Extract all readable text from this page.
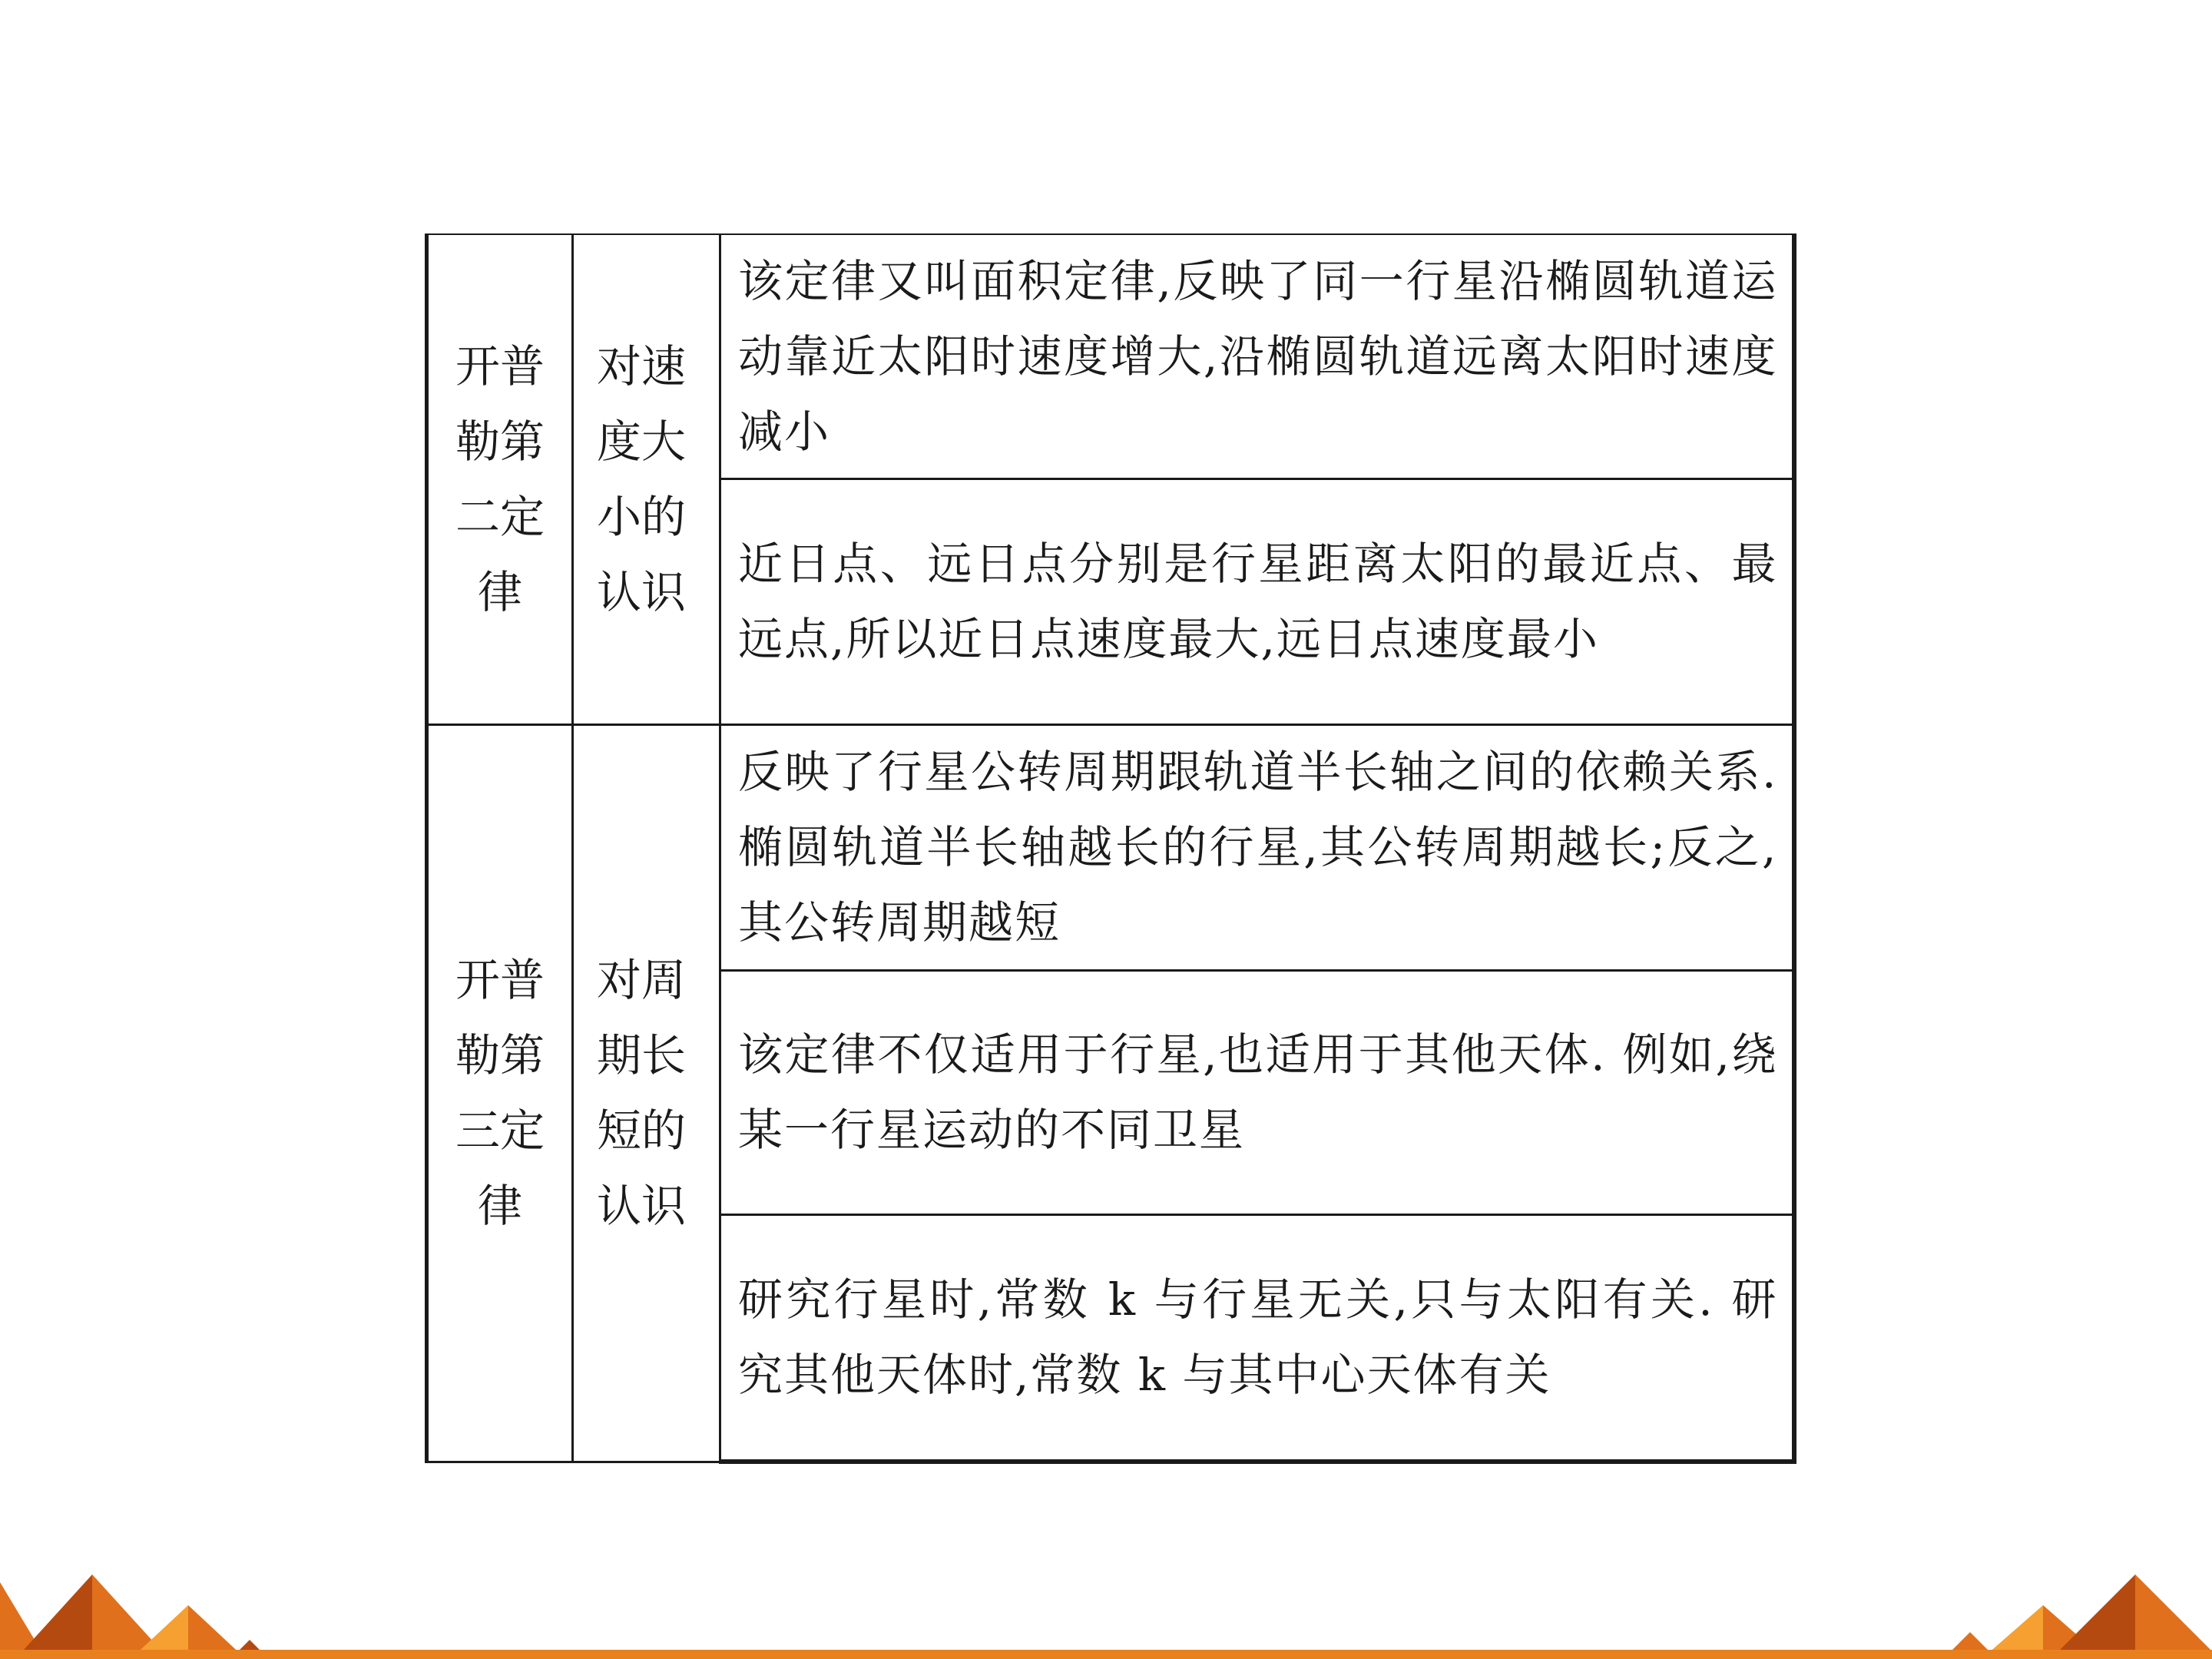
开普勒第二定律	对速度大小的认识	该定律又叫面积定律,反映了同一行星沿椭圆轨道运动靠近太阳时速度增大,沿椭圆轨道远离太阳时速度减小
		近日点、远日点分别是行星距离太阳的最近点、最远点,所以近日点速度最大,远日点速度最小
开普勒第三定律	对周期长短的认识	反映了行星公转周期跟轨道半长轴之间的依赖关系. 椭圆轨道半长轴越长的行星,其公转周期越长;反之,其公转周期越短
		该定律不仅适用于行星,也适用于其他天体. 例如,绕某一行星运动的不同卫星
		研究行星时,常数 k 与行星无关,只与太阳有关. 研究其他天体时,常数 k 与其中心天体有关
